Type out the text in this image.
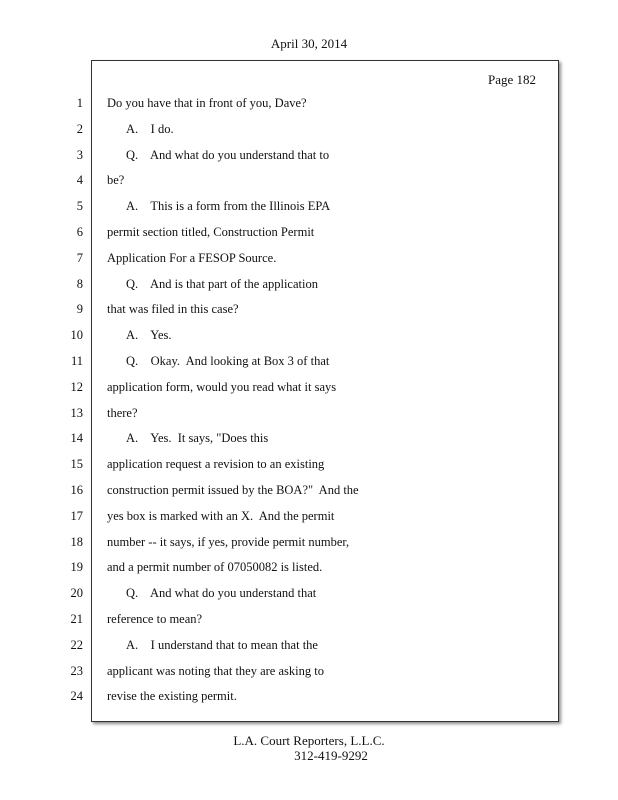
April 30, 2014
Page 182
1 Do you have that in front of you, Dave?
2	A.    I do.
3	Q.    And what do you understand that to
4 be?
5	A.    This is a form from the Illinois EPA
6 permit section titled, Construction Permit
7 Application For a FESOP Source.
8	Q.    And is that part of the application
9 that was filed in this case?
10	A.    Yes.
11	Q.    Okay.  And looking at Box 3 of that
12 application form, would you read what it says
13 there?
14	A.    Yes.  It says, "Does this
15 application request a revision to an existing
16 construction permit issued by the BOA?"  And the
17 yes box is marked with an X.  And the permit
18 number -- it says, if yes, provide permit number,
19 and a permit number of 07050082 is listed.
20	Q.    And what do you understand that
21 reference to mean?
22	A.    I understand that to mean that the
23 applicant was noting that they are asking to
24 revise the existing permit.
L.A. Court Reporters, L.L.C.
312-419-9292
